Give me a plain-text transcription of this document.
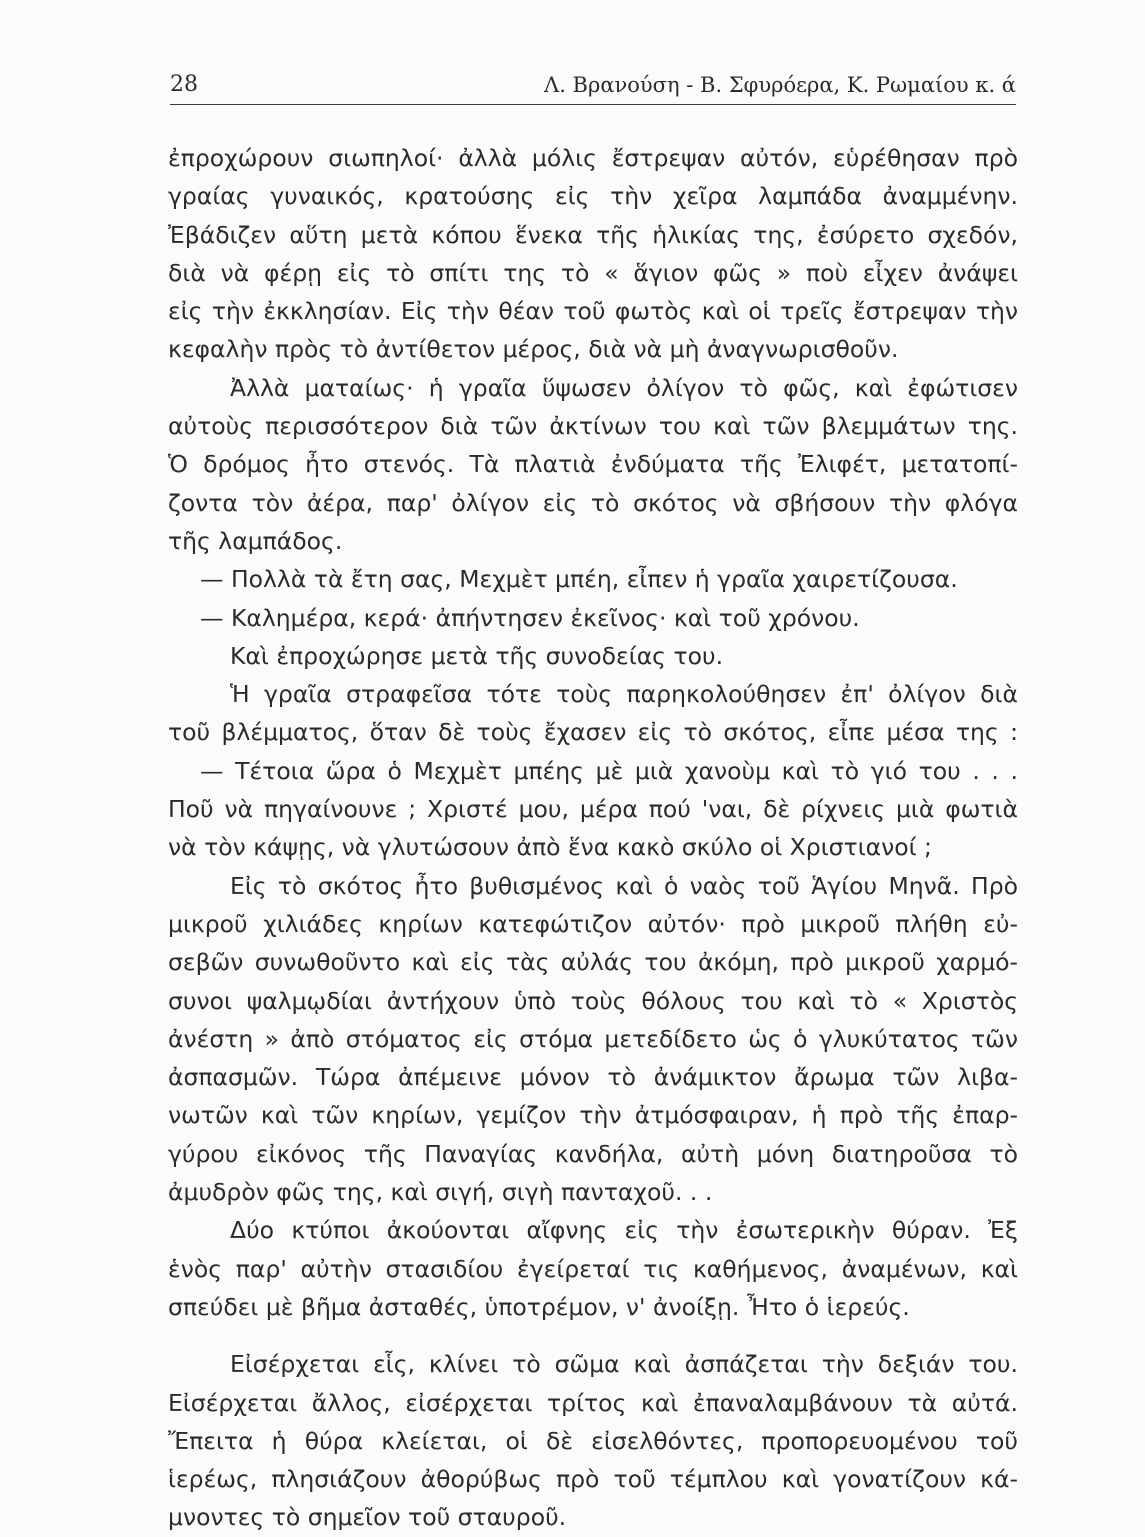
28	Λ. Βρανούση - Β. Σφυρόερα, Κ. Ρωμαίου κ. ά
ἐπροχώρουν σιωπηλοί· ἀλλὰ μόλις ἔστρεψαν αὐτόν, εὑρέθησαν πρὸ
γραίας γυναικός, κρατούσης εἰς τὴν χεῖρα λαμπάδα ἀναμμένην.
Ἐβάδιζεν αὕτη μετὰ κόπου ἕνεκα τῆς ἡλικίας της, ἐσύρετο σχεδόν,
διὰ νὰ φέρῃ εἰς τὸ σπίτι της τὸ « ἅγιον φῶς » ποὺ εἶχεν ἀνάψει
εἰς τὴν ἐκκλησίαν. Εἰς τὴν θέαν τοῦ φωτὸς καὶ οἱ τρεῖς ἔστρεψαν τὴν
κεφαλὴν πρὸς τὸ ἀντίθετον μέρος, διὰ νὰ μὴ ἀναγνωρισθοῦν.
Ἀλλὰ ματαίως· ἡ γραῖα ὕψωσεν ὀλίγον τὸ φῶς, καὶ ἐφώτισεν
αὐτοὺς περισσότερον διὰ τῶν ἀκτίνων του καὶ τῶν βλεμμάτων της.
Ὁ δρόμος ἦτο στενός. Τὰ πλατιὰ ἐνδύματα τῆς Ἐλιφέτ, μετατοπί-
ζοντα τὸν ἀέρα, παρ' ὀλίγον εἰς τὸ σκότος νὰ σβήσουν τὴν φλόγα
τῆς λαμπάδος.
— Πολλὰ τὰ ἔτη σας, Μεχμὲτ μπέη, εἶπεν ἡ γραῖα χαιρετίζουσα.
— Καλημέρα, κερά· ἀπήντησεν ἐκεῖνος· καὶ τοῦ χρόνου.
Καὶ ἐπροχώρησε μετὰ τῆς συνοδείας του.
Ἡ γραῖα στραφεῖσα τότε τοὺς παρηκολούθησεν ἐπ' ὀλίγον διὰ
τοῦ βλέμματος, ὅταν δὲ τοὺς ἔχασεν εἰς τὸ σκότος, εἶπε μέσα της :
— Τέτοια ὥρα ὁ Μεχμὲτ μπέης μὲ μιὰ χανοὺμ καὶ τὸ γιό του . . .
Ποῦ νὰ πηγαίνουνε ; Χριστέ μου, μέρα πού 'ναι, δὲ ρίχνεις μιὰ φωτιὰ
νὰ τὸν κάψῃς, νὰ γλυτώσουν ἀπὸ ἕνα κακὸ σκύλο οἱ Χριστιανοί ;
Εἰς τὸ σκότος ἦτο βυθισμένος καὶ ὁ ναὸς τοῦ Ἁγίου Μηνᾶ. Πρὸ
μικροῦ χιλιάδες κηρίων κατεφώτιζον αὐτόν· πρὸ μικροῦ πλήθη εὐ-
σεβῶν συνωθοῦντο καὶ εἰς τὰς αὐλάς του ἀκόμη, πρὸ μικροῦ χαρμό-
συνοι ψαλμῳδίαι ἀντήχουν ὑπὸ τοὺς θόλους του καὶ τὸ « Χριστὸς
ἀνέστη » ἀπὸ στόματος εἰς στόμα μετεδίδετο ὡς ὁ γλυκύτατος τῶν
ἀσπασμῶν. Τώρα ἀπέμεινε μόνον τὸ ἀνάμικτον ἄρωμα τῶν λιβα-
νωτῶν καὶ τῶν κηρίων, γεμίζον τὴν ἀτμόσφαιραν, ἡ πρὸ τῆς ἐπαρ-
γύρου εἰκόνος τῆς Παναγίας κανδήλα, αὐτὴ μόνη διατηροῦσα τὸ
ἀμυδρὸν φῶς της, καὶ σιγή, σιγὴ πανταχοῦ. . .
Δύο κτύποι ἀκούονται αἴφνης εἰς τὴν ἐσωτερικὴν θύραν. Ἐξ
ἑνὸς παρ' αὐτὴν στασιδίου ἐγείρεταί τις καθήμενος, ἀναμένων, καὶ
σπεύδει μὲ βῆμα ἀσταθές, ὑποτρέμον, ν' ἀνοίξῃ. Ἦτο ὁ ἱερεύς.
Εἰσέρχεται εἷς, κλίνει τὸ σῶμα καὶ ἀσπάζεται τὴν δεξιάν του.
Εἰσέρχεται ἄλλος, εἰσέρχεται τρίτος καὶ ἐπαναλαμβάνουν τὰ αὐτά.
Ἔπειτα ἡ θύρα κλείεται, οἱ δὲ εἰσελθόντες, προπορευομένου τοῦ
ἱερέως, πλησιάζουν ἀθορύβως πρὸ τοῦ τέμπλου καὶ γονατίζουν κά-
μνοντες τὸ σημεῖον τοῦ σταυροῦ.
